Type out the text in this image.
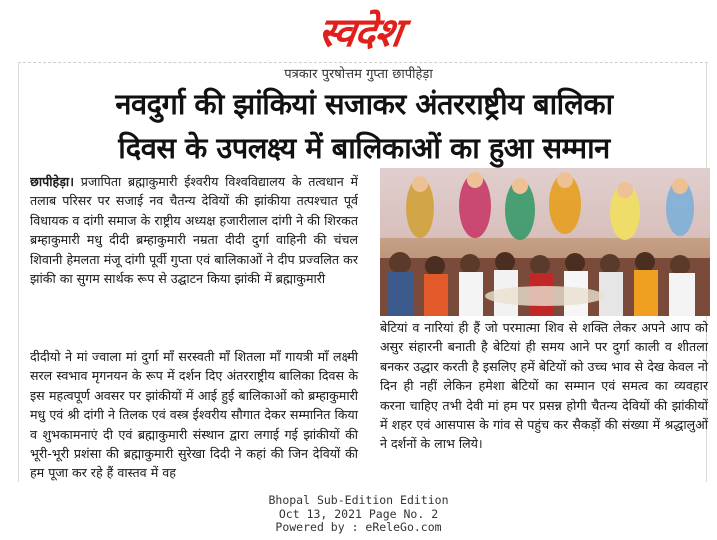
स्वदेश
पत्रकार पुरषोत्तम गुप्ता छापीहेड़ा
नवदुर्गा की झांकियां सजाकर अंतरराष्ट्रीय बालिका
दिवस के उपलक्ष्य में बालिकाओं का हुआ सम्मान
छापीहेड़ा। प्रजापिता ब्रह्माकुमारी ईश्वरीय विश्वविद्यालय के तत्वधान में तलाब परिसर पर सजाई नव चैतन्य देवियों की झांकीया तत्पश्चात पूर्व विधायक व दांगी समाज के राष्ट्रीय अध्यक्ष हजारीलाल दांगी ने की शिरकत ब्रम्हाकुमारी मधु दीदी ब्रम्हाकुमारी नम्रता दीदी दुर्गा वाहिनी की चंचल शिवानी हेमलता मंजू दांगी पूर्वी गुप्ता एवं बालिकाओं ने दीप प्रज्वलित कर झांकी का सुगम सार्थक रूप से उद्घाटन किया झांकी में ब्रह्माकुमारी
दीदीयो ने मां ज्वाला मां दुर्गा माँ सरस्वती माँ शितला माँ गायत्री माँ लक्ष्मी सरल स्वभाव मृगनयन के रूप में दर्शन दिए अंतरराष्ट्रीय बालिका दिवस के इस महत्वपूर्ण अवसर पर झांकीयों में आई हुई बालिकाओं को ब्रम्हाकुमारी मधु एवं श्री दांगी ने तिलक एवं वस्त्र ईश्वरीय सौगात देकर सम्मानित किया व शुभकामनाएं दी एवं ब्रह्माकुमारी संस्थान द्वारा लगाई गई झांकीयों की भूरी-भूरी प्रशंसा की ब्रह्माकुमारी सुरेखा दिदी ने कहां की जिन देवियों की हम पूजा कर रहे हैं वास्तव में वह
बेटियां व नारियां ही हैं जो परमात्मा शिव से शक्ति लेकर अपने आप को असुर संहारनी बनाती है बेटियां ही समय आने पर दुर्गा काली व शीतला बनकर उद्धार करती है इसलिए हमें बेटियों को उच्च भाव से देख केवल नो दिन ही नहीं लेकिन हमेशा बेटियों का सम्मान एवं समत्व का व्यवहार करना चाहिए तभी देवी मां हम पर प्रसन्न होगी चैतन्य देवियों की झांकीयों में शहर एवं आसपास के गांव से पहुंच कर सैकड़ों की संख्या में श्रद्धालुओं ने दर्शनों के लाभ लिये।
Bhopal Sub-Edition Edition
Oct 13, 2021 Page No. 2
Powered by : eReleGo.com
